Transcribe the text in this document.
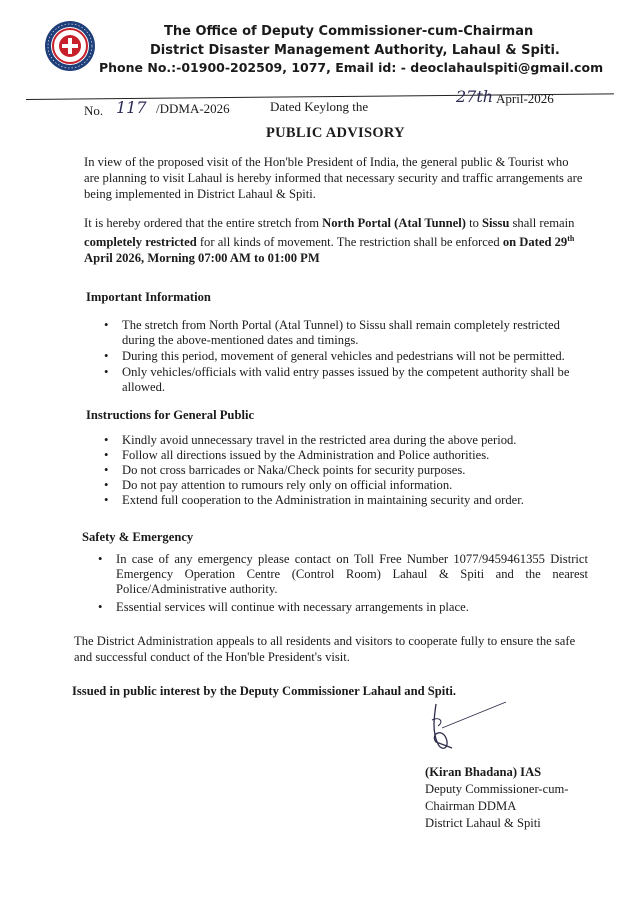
The Office of Deputy Commissioner-cum-Chairman
District Disaster Management Authority, Lahaul & Spiti.
Phone No.:-01900-202509, 1077, Email id: - deoclahaulspiti@gmail.com
No. 117 /DDMA-2026	Dated Keylong the
27th April-2026
PUBLIC ADVISORY

In view of the proposed visit of the Hon'ble President of India, the general public & Tourist who are planning to visit Lahaul is hereby informed that necessary security and traffic arrangements are being implemented in District Lahaul & Spiti.

It is hereby ordered that the entire stretch from North Portal (Atal Tunnel) to Sissu shall remain completely restricted for all kinds of movement. The restriction shall be enforced on Dated 29th April 2026, Morning 07:00 AM to 01:00 PM

Important Information
• The stretch from North Portal (Atal Tunnel) to Sissu shall remain completely restricted during the above-mentioned dates and timings.
• During this period, movement of general vehicles and pedestrians will not be permitted.
• Only vehicles/officials with valid entry passes issued by the competent authority shall be allowed.
Instructions for General Public
• Kindly avoid unnecessary travel in the restricted area during the above period.
• Follow all directions issued by the Administration and Police authorities.
• Do not cross barricades or Naka/Check points for security purposes.
• Do not pay attention to rumours rely only on official information.
• Extend full cooperation to the Administration in maintaining security and order.
Safety & Emergency
• In case of any emergency please contact on Toll Free Number 1077/9459461355 District Emergency Operation Centre (Control Room) Lahaul & Spiti and the nearest Police/Administrative authority.
• Essential services will continue with necessary arrangements in place.

The District Administration appeals to all residents and visitors to cooperate fully to ensure the safe and successful conduct of the Hon'ble President's visit.

Issued in public interest by the Deputy Commissioner Lahaul and Spiti.
(Kiran Bhadana) IAS
Deputy Commissioner-cum-
Chairman DDMA
District Lahaul & Spiti
